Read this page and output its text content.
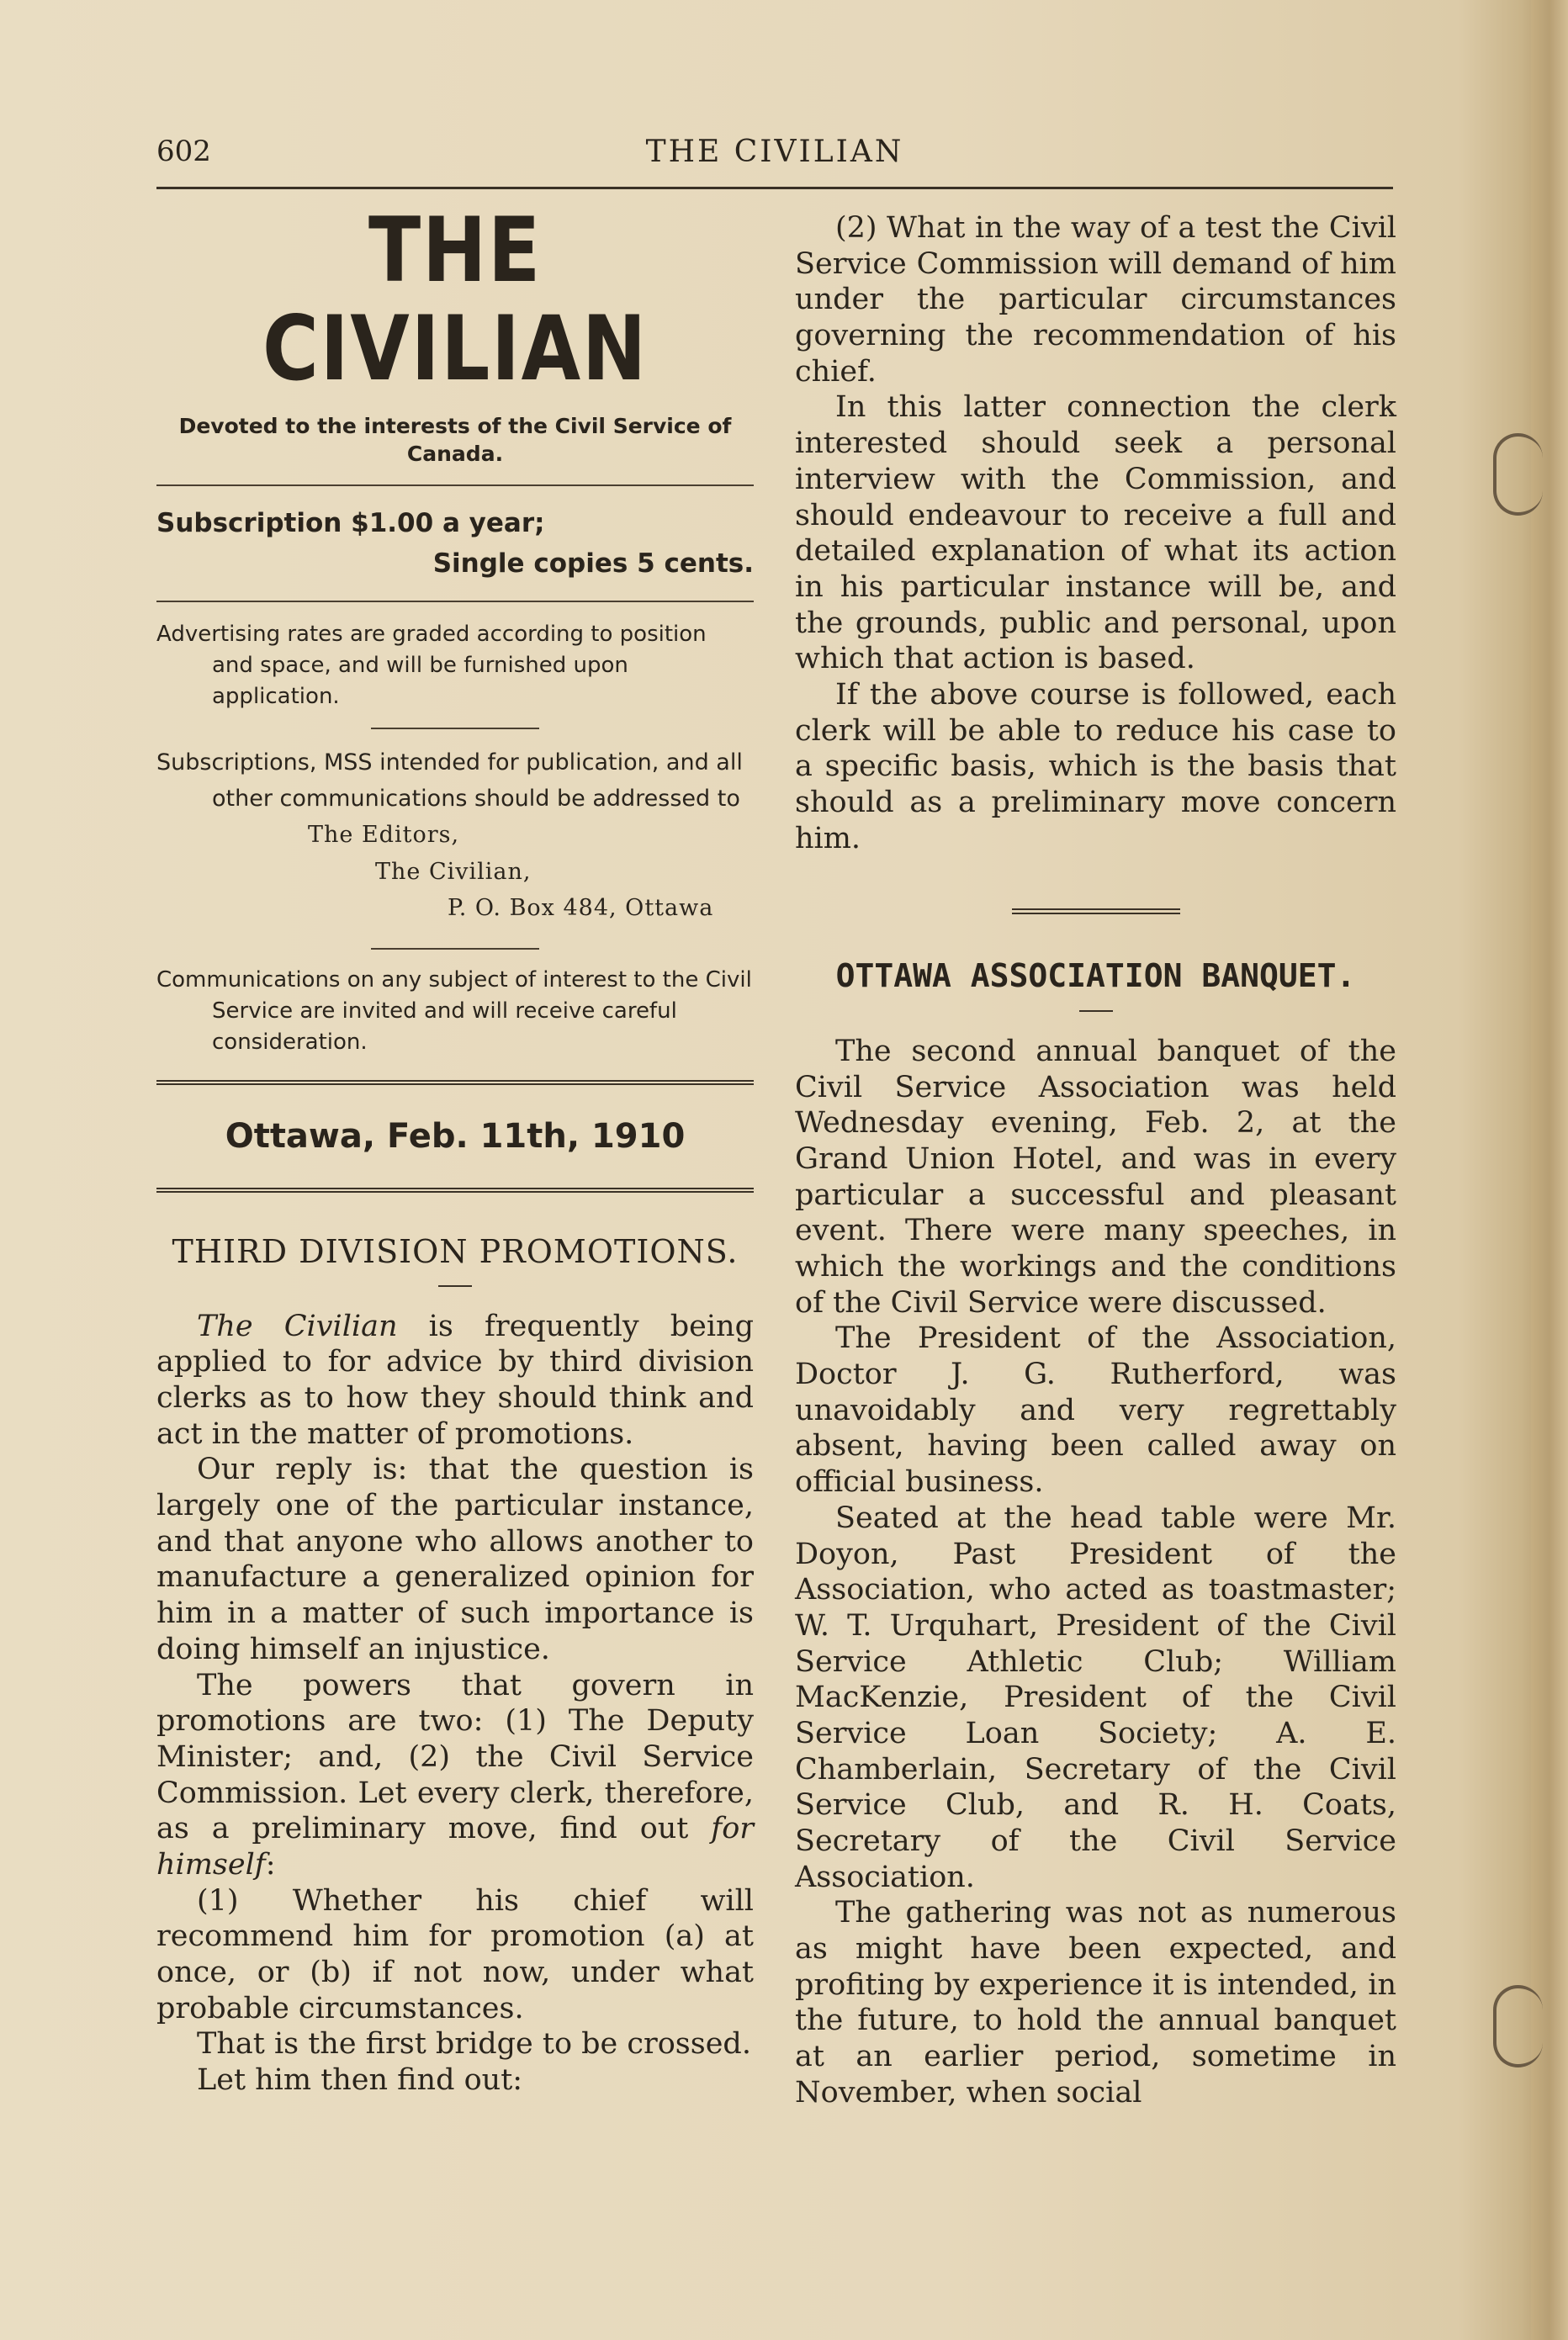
602	THE CIVILIAN
THE CIVILIAN
Devoted to the interests of the Civil Service of Canada.
Subscription $1.00 a year;
Single copies 5 cents.
Advertising rates are graded according to position and space, and will be furnished upon application.
Subscriptions, MSS intended for publication, and all other communications should be addressed to
The Editors,
The Civilian,
P. O. Box 484, Ottawa
Communications on any subject of interest to the Civil Service are invited and will receive careful consideration.
Ottawa, Feb. 11th, 1910
THIRD DIVISION PROMOTIONS.

The Civilian is frequently being applied to for advice by third division clerks as to how they should think and act in the matter of promotions.

Our reply is: that the question is largely one of the particular instance, and that anyone who allows another to manufacture a generalized opinion for him in a matter of such importance is doing himself an injustice.

The powers that govern in promotions are two: (1) The Deputy Minister; and, (2) the Civil Service Commission. Let every clerk, therefore, as a preliminary move, find out for himself:

(1) Whether his chief will recommend him for promotion (a) at once, or (b) if not now, under what probable circumstances.

That is the first bridge to be crossed.

Let him then find out:

(2) What in the way of a test the Civil Service Commission will demand of him under the particular circumstances governing the recommendation of his chief.

In this latter connection the clerk interested should seek a personal interview with the Commission, and should endeavour to receive a full and detailed explanation of what its action in his particular instance will be, and the grounds, public and personal, upon which that action is based.

If the above course is followed, each clerk will be able to reduce his case to a specific basis, which is the basis that should as a preliminary move concern him.

OTTAWA ASSOCIATION BANQUET.

The second annual banquet of the Civil Service Association was held Wednesday evening, Feb. 2, at the Grand Union Hotel, and was in every particular a successful and pleasant event. There were many speeches, in which the workings and the conditions of the Civil Service were discussed.

The President of the Association, Doctor J. G. Rutherford, was unavoidably and very regrettably absent, having been called away on official business.

Seated at the head table were Mr. Doyon, Past President of the Association, who acted as toastmaster; W. T. Urquhart, President of the Civil Service Athletic Club; William MacKenzie, President of the Civil Service Loan Society; A. E. Chamberlain, Secretary of the Civil Service Club, and R. H. Coats, Secretary of the Civil Service Association.

The gathering was not as numerous as might have been expected, and profiting by experience it is intended, in the future, to hold the annual banquet at an earlier period, sometime in November, when social
